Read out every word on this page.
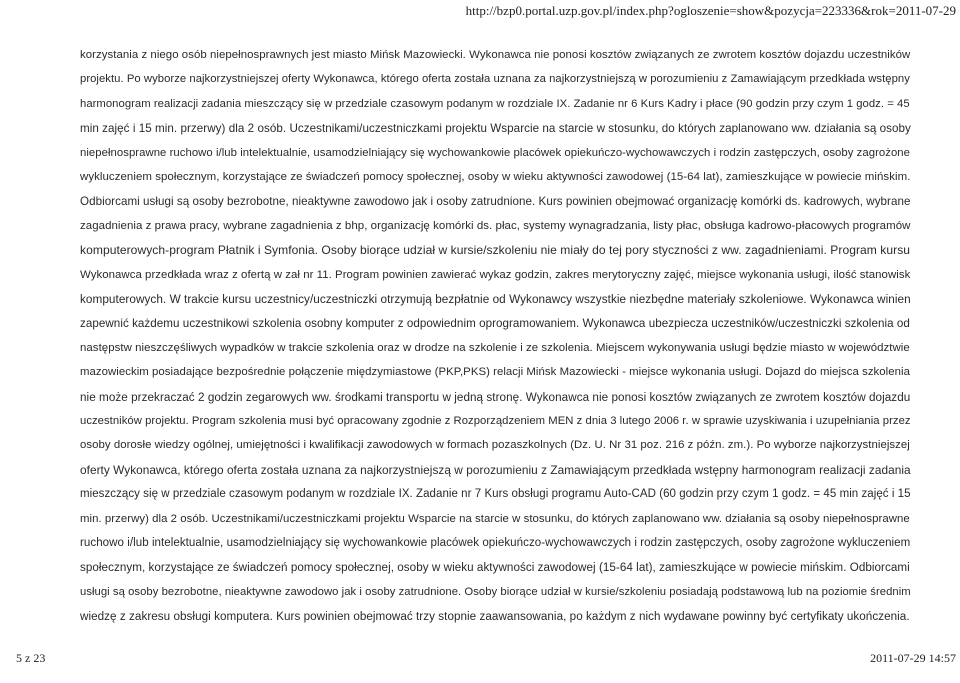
http://bzp0.portal.uzp.gov.pl/index.php?ogloszenie=show&pozycja=223336&rok=2011-07-29
korzystania z niego osób niepełnosprawnych jest miasto Mińsk Mazowiecki. Wykonawca nie ponosi kosztów związanych ze zwrotem kosztów dojazdu uczestników
projektu. Po wyborze najkorzystniejszej oferty Wykonawca, którego oferta została uznana za najkorzystniejszą w porozumieniu z Zamawiającym przedkłada wstępny
harmonogram realizacji zadania mieszczący się w przedziale czasowym podanym w rozdziale IX. Zadanie nr 6 Kurs Kadry i płace (90 godzin przy czym 1 godz. = 45
min zajęć i 15 min. przerwy) dla 2 osób. Uczestnikami/uczestniczkami projektu Wsparcie na starcie w stosunku, do których zaplanowano ww. działania są osoby
niepełnosprawne ruchowo i/lub intelektualnie, usamodzielniający się wychowankowie placówek opiekuńczo-wychowawczych i rodzin zastępczych, osoby zagrożone
wykluczeniem społecznym, korzystające ze świadczeń pomocy społecznej, osoby w wieku aktywności zawodowej (15-64 lat), zamieszkujące w powiecie mińskim.
Odbiorcami usługi są osoby bezrobotne, nieaktywne zawodowo jak i osoby zatrudnione. Kurs powinien obejmować organizację komórki ds. kadrowych, wybrane
zagadnienia z prawa pracy, wybrane zagadnienia z bhp, organizację komórki ds. płac, systemy wynagradzania, listy płac, obsługa kadrowo-płacowych programów
komputerowych-program Płatnik i Symfonia. Osoby biorące udział w kursie/szkoleniu nie miały do tej pory styczności z ww. zagadnieniami. Program kursu
Wykonawca przedkłada wraz z ofertą w zał nr 11. Program powinien zawierać wykaz godzin, zakres merytoryczny zajęć, miejsce wykonania usługi, ilość stanowisk
komputerowych. W trakcie kursu uczestnicy/uczestniczki otrzymują bezpłatnie od Wykonawcy wszystkie niezbędne materiały szkoleniowe. Wykonawca winien
zapewnić każdemu uczestnikowi szkolenia osobny komputer z odpowiednim oprogramowaniem. Wykonawca ubezpiecza uczestników/uczestniczki szkolenia od
następstw nieszczęśliwych wypadków w trakcie szkolenia oraz w drodze na szkolenie i ze szkolenia. Miejscem wykonywania usługi będzie miasto w województwie
mazowieckim posiadające bezpośrednie połączenie międzymiastowe (PKP,PKS) relacji Mińsk Mazowiecki - miejsce wykonania usługi. Dojazd do miejsca szkolenia
nie może przekraczać 2 godzin zegarowych ww. środkami transportu w jedną stronę. Wykonawca nie ponosi kosztów związanych ze zwrotem kosztów dojazdu
uczestników projektu. Program szkolenia musi być opracowany zgodnie z Rozporządzeniem MEN z dnia 3 lutego 2006 r. w sprawie uzyskiwania i uzupełniania przez
osoby dorosłe wiedzy ogólnej, umiejętności i kwalifikacji zawodowych w formach pozaszkolnych (Dz. U. Nr 31 poz. 216 z późn. zm.). Po wyborze najkorzystniejszej
oferty Wykonawca, którego oferta została uznana za najkorzystniejszą w porozumieniu z Zamawiającym przedkłada wstępny harmonogram realizacji zadania
mieszczący się w przedziale czasowym podanym w rozdziale IX. Zadanie nr 7 Kurs obsługi programu Auto-CAD (60 godzin przy czym 1 godz. = 45 min zajęć i 15
min. przerwy) dla 2 osób. Uczestnikami/uczestniczkami projektu Wsparcie na starcie w stosunku, do których zaplanowano ww. działania są osoby niepełnosprawne
ruchowo i/lub intelektualnie, usamodzielniający się wychowankowie placówek opiekuńczo-wychowawczych i rodzin zastępczych, osoby zagrożone wykluczeniem
społecznym, korzystające ze świadczeń pomocy społecznej, osoby w wieku aktywności zawodowej (15-64 lat), zamieszkujące w powiecie mińskim. Odbiorcami
usługi są osoby bezrobotne, nieaktywne zawodowo jak i osoby zatrudnione. Osoby biorące udział w kursie/szkoleniu posiadają podstawową lub na poziomie średnim
wiedzę z zakresu obsługi komputera. Kurs powinien obejmować trzy stopnie zaawansowania, po każdym z nich wydawane powinny być certyfikaty ukończenia.
5 z 23	2011-07-29 14:57
